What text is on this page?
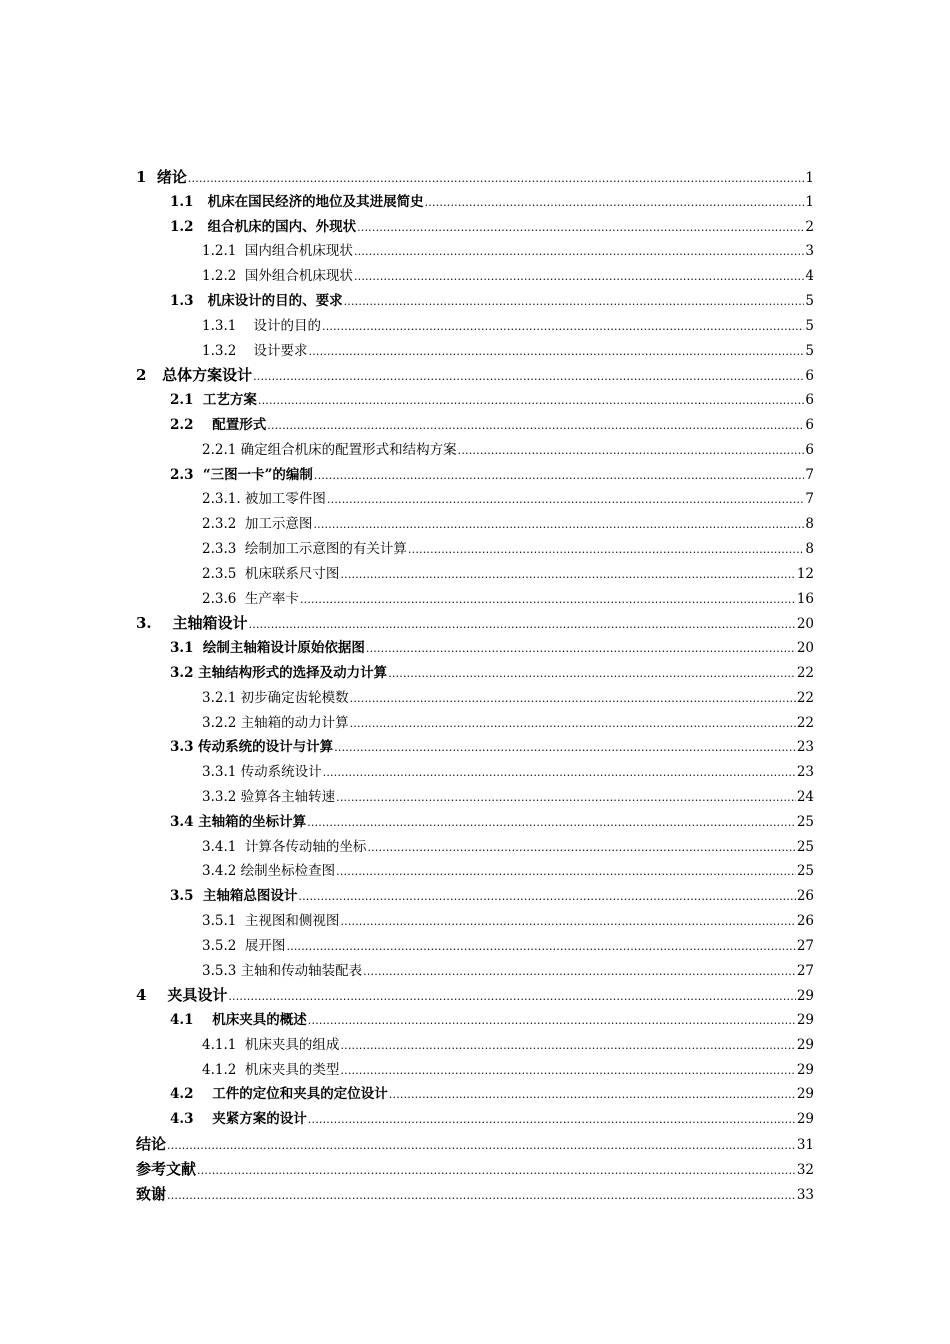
1  绪论 .....	1
1.1   机床在国民经济的地位及其进展简史 .....	1
1.2   组合机床的国内、外现状 .....	2
1.2.1  国内组合机床现状 .....	3
1.2.2  国外组合机床现状 .....	4
1.3   机床设计的目的、要求 .....	5
1.3.1    设计的目的 .....	5
1.3.2    设计要求 .....	5
2   总体方案设计 .....	6
2.1  工艺方案 .....	6
2.2    配置形式 .....	6
2.2.1 确定组合机床的配置形式和结构方案 .....	6
2.3  “三图一卡”的编制 .....	7
2.3.1. 被加工零件图 .....	7
2.3.2  加工示意图 .....	8
2.3.3  绘制加工示意图的有关计算 .....	8
2.3.5  机床联系尺寸图 .....	12
2.3.6  生产率卡 .....	16
3.    主轴箱设计 .....	20
3.1  绘制主轴箱设计原始依据图 .....	20
3.2 主轴结构形式的选择及动力计算 .....	22
3.2.1 初步确定齿轮模数 .....	22
3.2.2 主轴箱的动力计算 .....	22
3.3 传动系统的设计与计算 .....	23
3.3.1 传动系统设计 .....	23
3.3.2 验算各主轴转速 .....	24
3.4 主轴箱的坐标计算 .....	25
3.4.1  计算各传动轴的坐标 .....	25
3.4.2 绘制坐标检查图 .....	25
3.5  主轴箱总图设计 .....	26
3.5.1  主视图和侧视图 .....	26
3.5.2  展开图 .....	27
3.5.3 主轴和传动轴装配表 .....	27
4    夹具设计 .....	29
4.1    机床夹具的概述 .....	29
4.1.1  机床夹具的组成 .....	29
4.1.2  机床夹具的类型 .....	29
4.2    工件的定位和夹具的定位设计 .....	29
4.3    夹紧方案的设计 .....	29
结论 .....	31
参考文献 .....	32
致谢 .....	33
